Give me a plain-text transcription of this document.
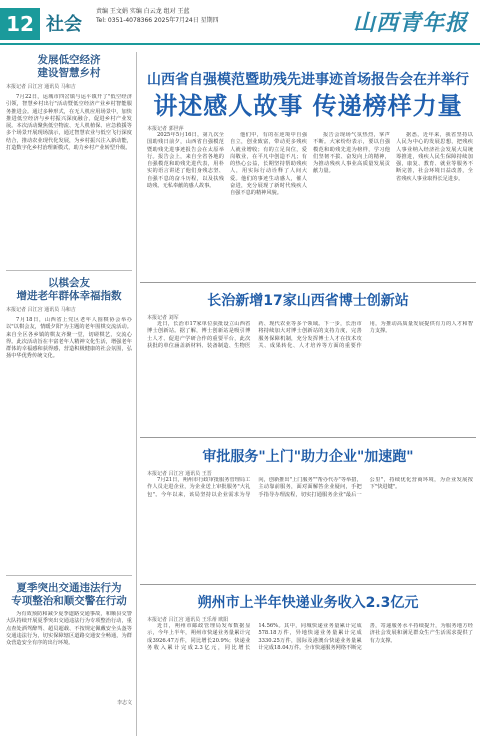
12 社会
责编 王文娟 实编 白云龙 组对 王蓝
Tel: 0351-4078366 2025年7月24日 星期四	山西青年报
发展低空经济
建设智慧乡村
本报记者 吕江宫 通讯员 马和吉
7月22日，运城市四岔镇与运平镇开了"低空经济引领，智慧乡村出行"活动暨低空经济产业乡村智能服务推进会。通过多种形式，在无人机应用场景中，加快推进低空经济与乡村振兴深度融合，促进乡村产业发展。本次活动聚焦低空物流、无人机植保、应急救援等多个场景开展现场演示，通过智慧农业与低空飞行深度结合，推动农业现代化发展，为乡村振兴注入新动能，打造数字化乡村治理新模式，助力乡村产业转型升级。
以棋会友
增进老年群体幸福指数
本报记者 吕江宫 通讯员 马和吉
7月18日，山西省上党区老年人围棋协会举办以"以棋会友，情暖夕阳"为主题的老年围棋交流活动。来自全区各乡镇的棋友齐聚一堂，切磋棋艺，交流心得。此次活动旨在丰富老年人精神文化生活，增强老年群体的幸福感和获得感，营造积极健康的社会氛围，弘扬中华优秀传统文化。
夏季突出交通违法行为
专项整治和顺交警在行动
为有效预防和减少夏季道路交通事故，和顺县交警大队持续开展夏季突出交通违法行为专项整治行动，重点查处酒驾醉驾、超员超载、不按规定佩戴安全头盔等交通违法行为，切实保障辖区道路交通安全畅通，为群众营造安全有序的出行环境。
李志文
山西省自强模范暨助残先进事迹首场报告会在并举行
讲述感人故事 传递榜样力量
本报记者 郭世萍
2025年5月16日，第九次全国助残日前夕，山西省自强模范暨助残先进事迹报告会在太原举行。报告会上，来自全省各地的自强模范和助残先进代表，用朴实的语言讲述了他们身残志坚、自强不息的奋斗历程，以及扶残助残、无私奉献的感人故事。
他们中，有的在逆境中自强自立，创业致富，带动更多残疾人就业增收；有的立足岗位，爱岗敬业，在平凡中创造不凡；有的热心公益，长期坚持帮助残疾人，用实际行动诠释了人间大爱。他们的事迹生动感人，催人奋进，充分展现了新时代残疾人自强不息的精神风貌。
报告会现场气氛热烈，掌声不断。大家纷纷表示，要以自强模范和助残先进为榜样，学习他们坚韧不拔、奋发向上的精神，为推动残疾人事业高质量发展贡献力量。
据悉，近年来，我省坚持以人民为中心的发展思想，把残疾人事业纳入经济社会发展大局统筹推进，残疾人民生保障持续加强，康复、教育、就业等服务不断完善，社会环境日益改善，全省残疾人事业取得长足进步。
长治新增17家山西省博士创新站
本报记者 刘军
近日，长治市17家单位获批设立山西省博士创新站。据了解，博士创新站是吸引博士人才、促进产学研合作的重要平台，此次获批的单位涵盖新材料、装备制造、生物医药、现代农业等多个领域。下一步，长治市将持续加大对博士创新站的支持力度，完善服务保障机制，充分发挥博士人才在技术攻关、成果转化、人才培养等方面的重要作用，为推动高质量发展提供有力的人才和智力支撑。
审批服务"上门"助力企业"加速跑"
本报记者 吕江宫 通讯员 王晋
7月21日，朔州市行政审批服务管理局工作人员走进企业，为企业送上审批服务"大礼包"。今年以来，该局坚持以企业需求为导向，创新推出"上门服务""帮办代办"等举措，主动靠前服务，面对面解答企业疑问，手把手指导办理流程，切实打通服务企业"最后一公里"，持续优化营商环境，为企业发展按下"快进键"。
朔州市上半年快递业务收入2.3亿元
本报记者 吕江宫 通讯员 王乐蒂 欧阳
近日，朔州市邮政管理局发布数据显示，今年上半年，朔州市快递业务量累计完成3926.47万件，同比增长20.9%；快递业务收入累计完成2.3亿元，同比增长14.56%。其中，同城快递业务量累计完成578.18万件，异地快递业务量累计完成3330.25万件，国际及港澳台快递业务量累计完成18.04万件。全市快递服务网络不断完善，寄递服务水平持续提升，为服务地方经济社会发展和满足群众生产生活需求提供了有力支撑。
